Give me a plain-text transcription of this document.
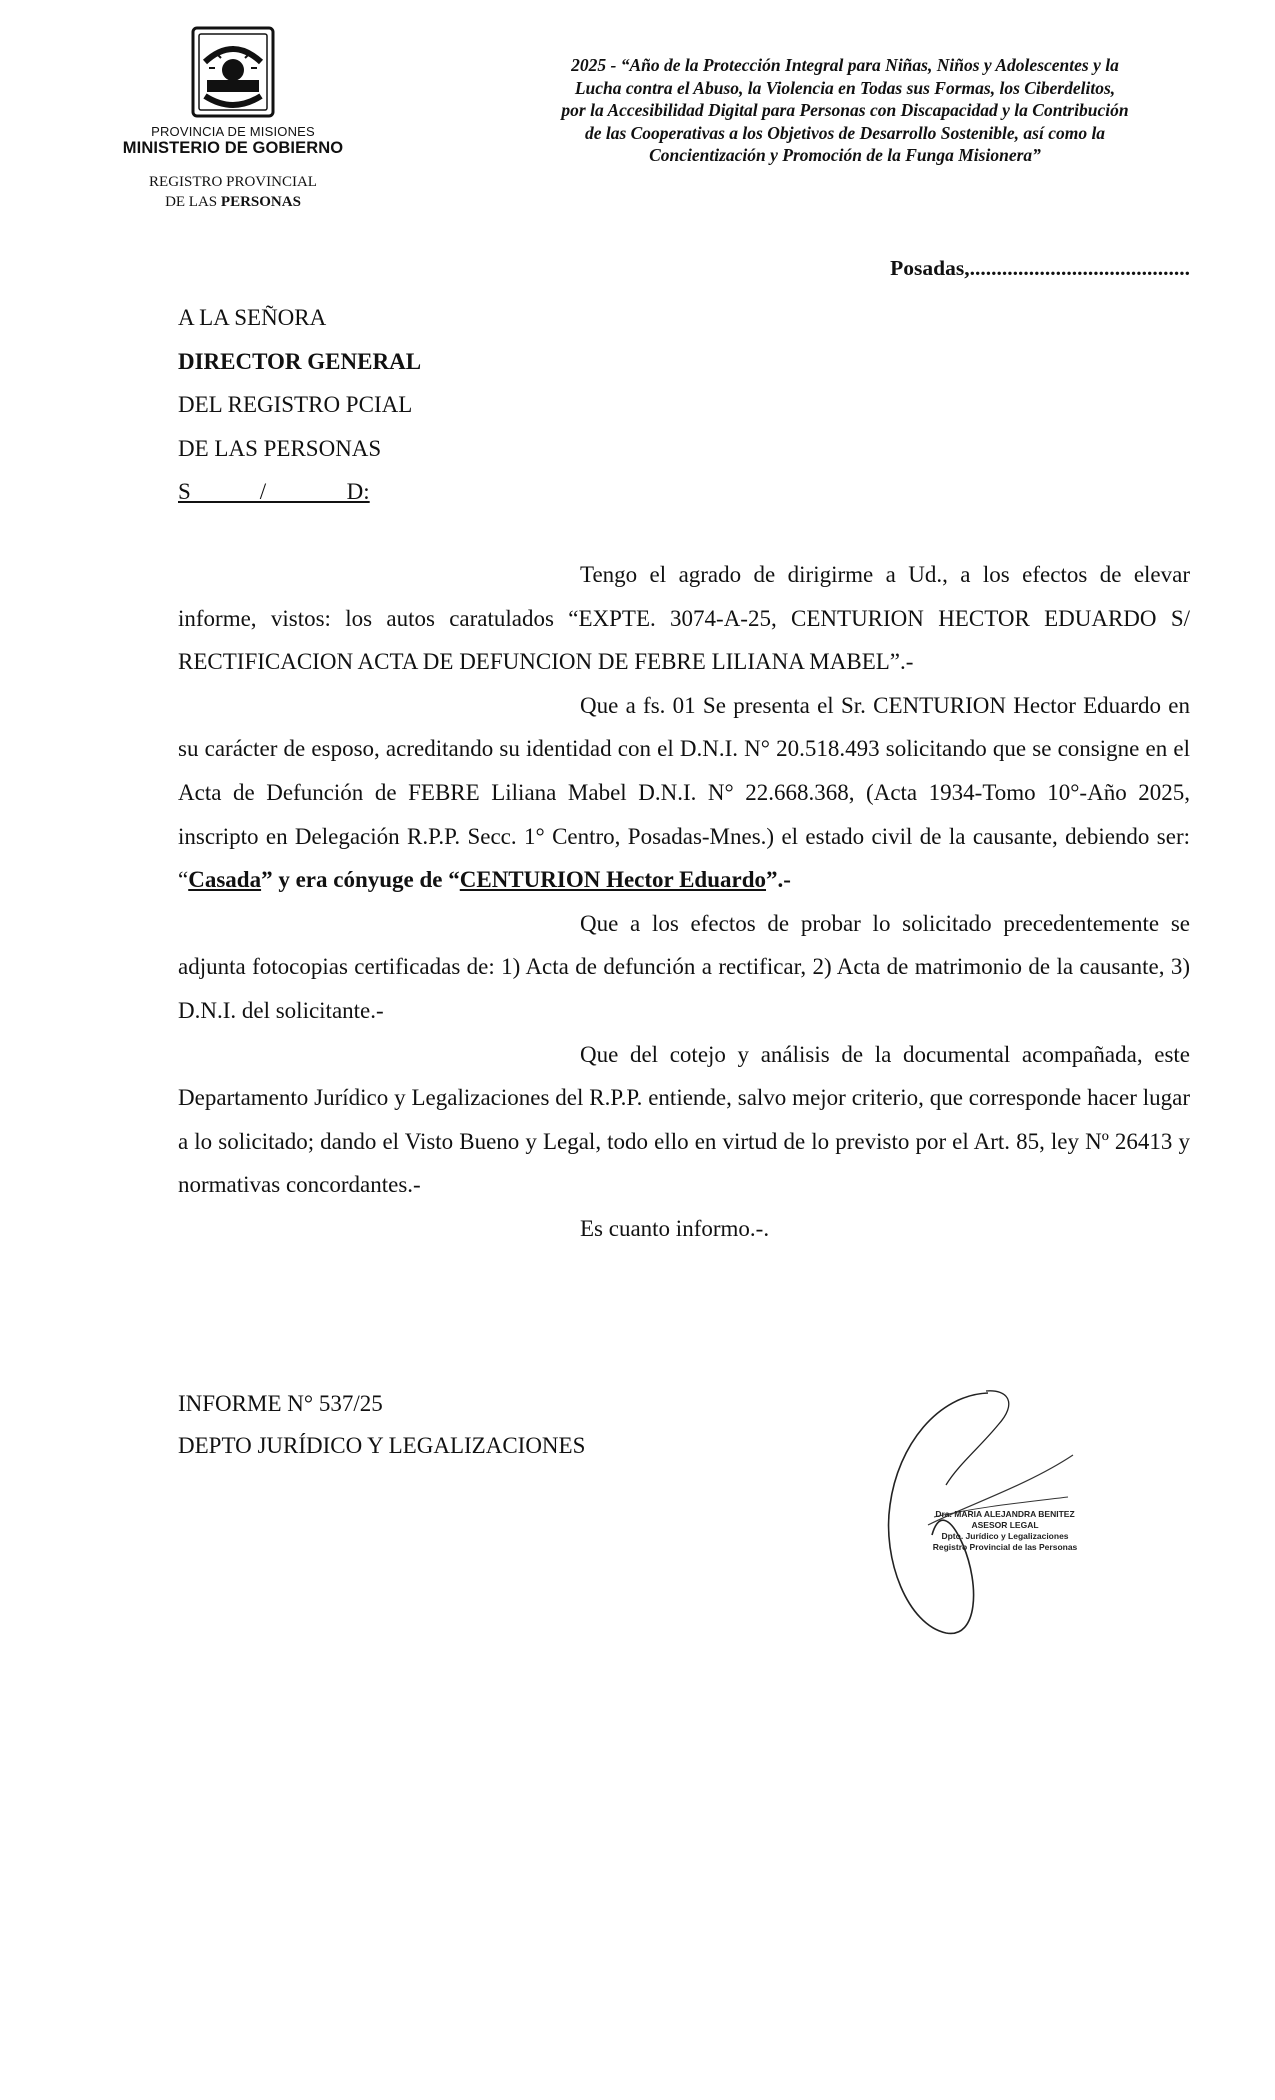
PROVINCIA DE MISIONES
MINISTERIO DE GOBIERNO
REGISTRO PROVINCIAL
DE LAS PERSONAS
2025 - “Año de la Protección Integral para Niñas, Niños y Adolescentes y la
Lucha contra el Abuso, la Violencia en Todas sus Formas, los Ciberdelitos,
por la Accesibilidad Digital para Personas con Discapacidad y la Contribución
de las Cooperativas a los Objetivos de Desarrollo Sostenible, así como la
Concientización y Promoción de la Funga Misionera”
Posadas,.........................................
A LA SEÑORA
DIRECTOR GENERAL
DEL REGISTRO PCIAL
DE LAS PERSONAS
S            /              D:

Tengo el agrado de dirigirme a Ud., a los efectos de elevar informe, vistos: los autos caratulados “EXPTE. 3074-A-25, CENTURION HECTOR EDUARDO S/ RECTIFICACION ACTA DE DEFUNCION DE FEBRE LILIANA MABEL”.-

Que a fs. 01 Se presenta el Sr. CENTURION Hector Eduardo en su carácter de esposo, acreditando su identidad con el D.N.I. N° 20.518.493 solicitando que se consigne en el Acta de Defunción de FEBRE Liliana Mabel D.N.I. N° 22.668.368, (Acta 1934-Tomo 10°-Año 2025, inscripto en Delegación R.P.P. Secc. 1° Centro, Posadas-Mnes.) el estado civil de la causante, debiendo ser: “Casada” y era cónyuge de “CENTURION Hector Eduardo”.-

Que a los efectos de probar lo solicitado precedentemente se adjunta fotocopias certificadas de: 1) Acta de defunción a rectificar, 2) Acta de matrimonio de la causante, 3) D.N.I. del solicitante.-

Que del cotejo y análisis de la documental acompañada, este Departamento Jurídico y Legalizaciones del R.P.P. entiende, salvo mejor criterio, que corresponde hacer lugar a lo solicitado; dando el Visto Bueno y Legal, todo ello en virtud de lo previsto por el Art. 85, ley Nº 26413 y normativas concordantes.-

Es cuanto informo.-.

INFORME N° 537/25
DEPTO JURÍDICO Y LEGALIZACIONES
Dra. MARIA ALEJANDRA BENITEZ
ASESOR LEGAL
Dpto. Jurídico y Legalizaciones
Registro Provincial de las Personas
